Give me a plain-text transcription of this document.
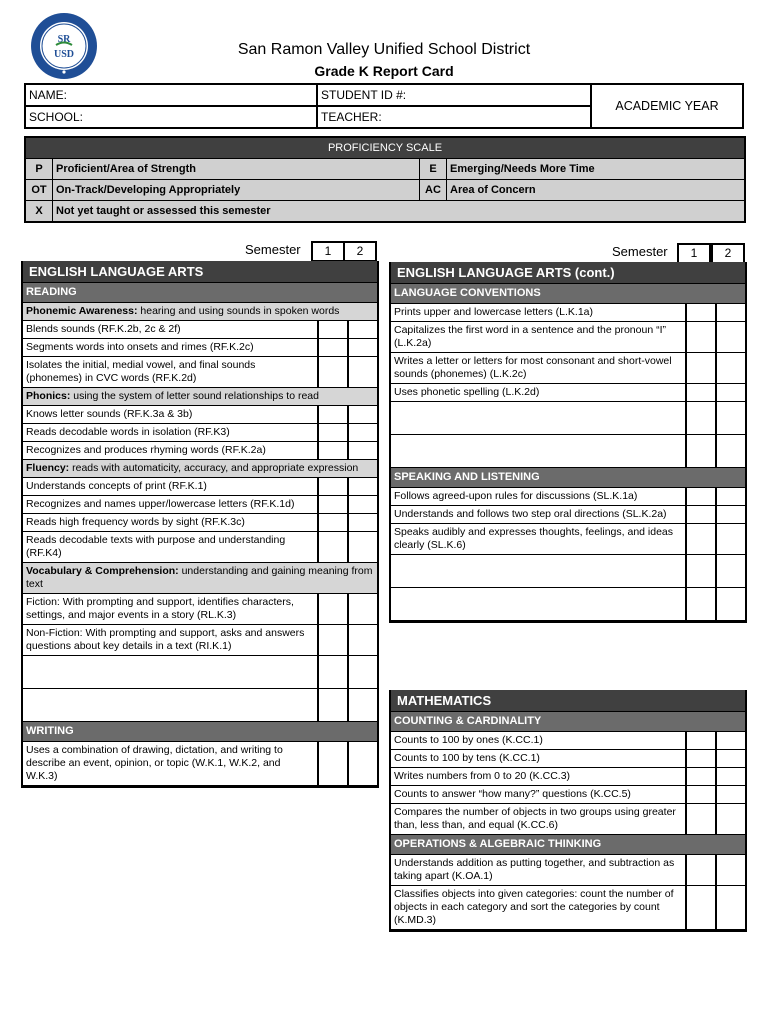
SR
USD	San Ramon Valley Unified School District
Grade K Report Card
NAME:	STUDENT ID #:	ACADEMIC YEAR
SCHOOL:	TEACHER:	
PROFICIENCY SCALE			
P	Proficient/Area of Strength	E	Emerging/Needs More Time
OT	On-Track/Developing Appropriately	AC	Area of Concern
X	Not yet taught or assessed this semester		
Semester	1	2	Semester	1	2
ENGLISH LANGUAGE ARTS		
READING		
Phonemic Awareness: hearing and using sounds in spoken words		
Blends sounds (RF.K.2b, 2c & 2f)		
Segments words into onsets and rimes (RF.K.2c)		
Isolates the initial, medial vowel, and final sounds (phonemes) in CVC words (RF.K.2d)		
Phonics: using the system of letter sound relationships to read		
Knows letter sounds (RF.K.3a & 3b)		
Reads decodable words in isolation (RF.K3)		
Recognizes and produces rhyming words (RF.K.2a)		
Fluency: reads with automaticity, accuracy, and appropriate expression		
Understands concepts of print (RF.K.1)		
Recognizes and names upper/lowercase letters (RF.K.1d)		
Reads high frequency words by sight (RF.K.3c)		
Reads decodable texts with purpose and understanding (RF.K4)		
Vocabulary & Comprehension: understanding and gaining meaning from text		
Fiction: With prompting and support, identifies characters, settings, and major events in a story (RL.K.3)		
Non-Fiction: With prompting and support, asks and answers questions about key details in a text (RI.K.1)		

WRITING		
Uses a combination of drawing, dictation, and writing to describe an event, opinion, or topic (W.K.1, W.K.2, and W.K.3)		
ENGLISH LANGUAGE ARTS (cont.)		
LANGUAGE CONVENTIONS		
Prints upper and lowercase letters (L.K.1a)		
Capitalizes the first word in a sentence and the pronoun “I” (L.K.2a)		
Writes a letter or letters for most consonant and short-vowel sounds (phonemes) (L.K.2c)		
Uses phonetic spelling (L.K.2d)		

SPEAKING AND LISTENING		
Follows agreed-upon rules for discussions (SL.K.1a)		
Understands and follows two step oral directions (SL.K.2a)		
Speaks audibly and expresses thoughts, feelings, and ideas clearly (SL.K.6)		

MATHEMATICS		
COUNTING & CARDINALITY		
Counts to 100 by ones (K.CC.1)		
Counts to 100 by tens (K.CC.1)		
Writes numbers from 0 to 20 (K.CC.3)		
Counts to answer “how many?” questions (K.CC.5)		
Compares the number of objects in two groups using greater than, less than, and equal (K.CC.6)		
OPERATIONS & ALGEBRAIC THINKING		
Understands addition as putting together, and subtraction as taking apart (K.OA.1)		
Classifies objects into given categories: count the number of objects in each category and sort the categories by count (K.MD.3)		
